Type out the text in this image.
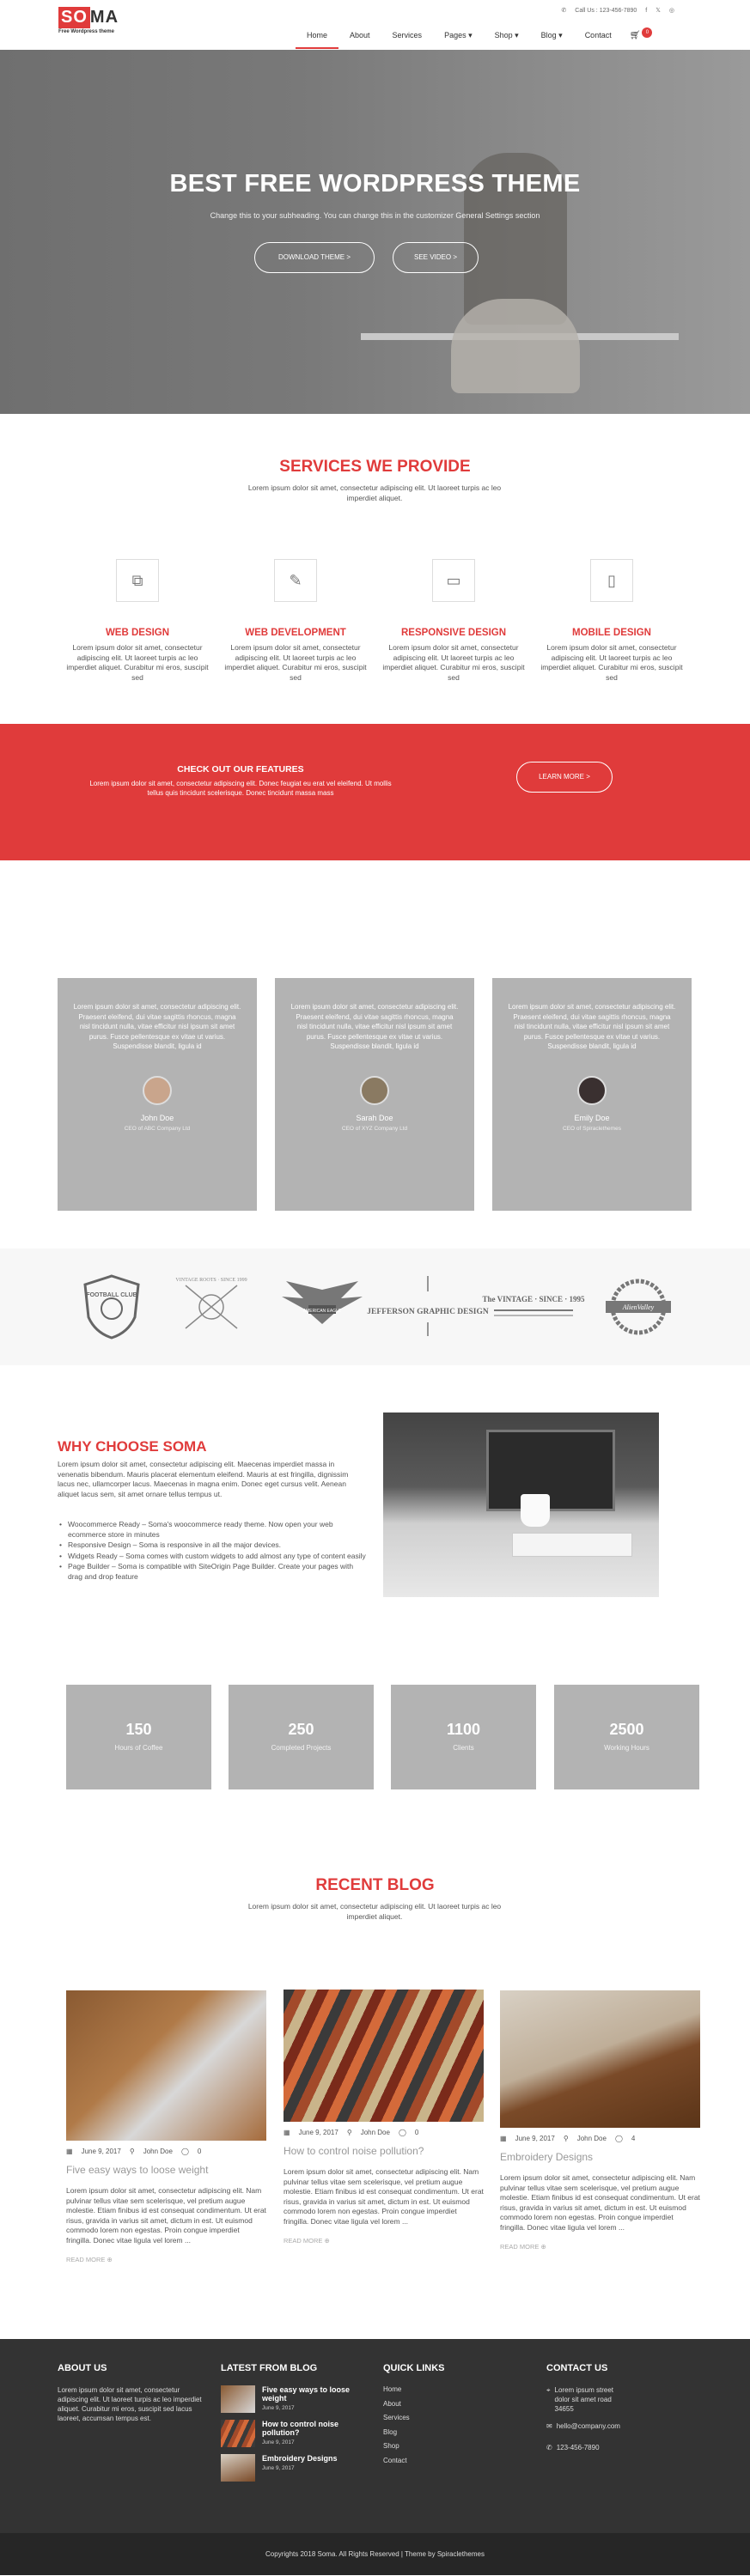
SO MA
Free Wordpress theme
✆ Call Us : 123-456-7890 f 𝕏 ◎
Home	About	Services	Pages ▾	Shop ▾	Blog ▾	Contact	🛒︎	0
BEST FREE WORDPRESS THEME
Change this to your subheading. You can change this in the customizer General Settings section
DOWNLOAD THEME >	SEE VIDEO >
SERVICES WE PROVIDE
Lorem ipsum dolor sit amet, consectetur adipiscing elit. Ut laoreet turpis ac leo imperdiet aliquet.
⧉
WEB DESIGN
Lorem ipsum dolor sit amet, consectetur adipiscing elit. Ut laoreet turpis ac leo imperdiet aliquet. Curabitur mi eros, suscipit sed
✎
WEB DEVELOPMENT
Lorem ipsum dolor sit amet, consectetur adipiscing elit. Ut laoreet turpis ac leo imperdiet aliquet. Curabitur mi eros, suscipit sed
▭
RESPONSIVE DESIGN
Lorem ipsum dolor sit amet, consectetur adipiscing elit. Ut laoreet turpis ac leo imperdiet aliquet. Curabitur mi eros, suscipit sed
▯
MOBILE DESIGN
Lorem ipsum dolor sit amet, consectetur adipiscing elit. Ut laoreet turpis ac leo imperdiet aliquet. Curabitur mi eros, suscipit sed
CHECK OUT OUR FEATURES
Lorem ipsum dolor sit amet, consectetur adipiscing elit. Donec feugiat eu erat vel eleifend. Ut mollis tellus quis tincidunt scelerisque. Donec tincidunt massa mass
LEARN MORE >
Lorem ipsum dolor sit amet, consectetur adipiscing elit. Praesent eleifend, dui vitae sagittis rhoncus, magna nisl tincidunt nulla, vitae efficitur nisl ipsum sit amet purus. Fusce pellentesque ex vitae ut varius. Suspendisse blandit, ligula id
John Doe
CEO of ABC Company Ltd
Lorem ipsum dolor sit amet, consectetur adipiscing elit. Praesent eleifend, dui vitae sagittis rhoncus, magna nisl tincidunt nulla, vitae efficitur nisl ipsum sit amet purus. Fusce pellentesque ex vitae ut varius. Suspendisse blandit, ligula id
Sarah Doe
CEO of XYZ Company Ltd
Lorem ipsum dolor sit amet, consectetur adipiscing elit. Praesent eleifend, dui vitae sagittis rhoncus, magna nisl tincidunt nulla, vitae efficitur nisl ipsum sit amet purus. Fusce pellentesque ex vitae ut varius. Suspendisse blandit, ligula id
Emily Doe
CEO of Spiraclethemes
FOOTBALL CLUB
VINTAGE ROOTS · SINCE 1999
AMERICAN EAGLE	JEFFERSON GRAPHIC DESIGN
The VINTAGE · SINCE · 1995
AlienValley
WHY CHOOSE SOMA
Lorem ipsum dolor sit amet, consectetur adipiscing elit. Maecenas imperdiet massa in venenatis bibendum. Mauris placerat elementum eleifend. Mauris at est fringilla, dignissim lacus nec, ullamcorper lacus. Maecenas in magna enim. Donec eget cursus velit. Aenean aliquet lacus sem, sit amet ornare tellus tempus ut.
• Woocommerce Ready – Soma's woocommerce ready theme. Now open your web ecommerce store in minutes
• Responsive Design – Soma is responsive in all the major devices.
• Widgets Ready – Soma comes with custom widgets to add almost any type of content easily
• Page Builder – Soma is compatible with SiteOrigin Page Builder. Create your pages with drag and drop feature
150
Hours of Coffee
250
Completed Projects
1100
Clients
2500
Working Hours
RECENT BLOG
Lorem ipsum dolor sit amet, consectetur adipiscing elit. Ut laoreet turpis ac leo imperdiet aliquet.
▦ June 9, 2017 ⚲ John Doe ◯ 0
Five easy ways to loose weight
Lorem ipsum dolor sit amet, consectetur adipiscing elit. Nam pulvinar tellus vitae sem scelerisque, vel pretium augue molestie. Etiam finibus id est consequat condimentum. Ut erat risus, gravida in varius sit amet, dictum in est. Ut euismod commodo lorem non egestas. Proin congue imperdiet fringilla. Donec vitae ligula vel lorem ...
READ MORE ⊕
▦ June 9, 2017 ⚲ John Doe ◯ 0
How to control noise pollution?
Lorem ipsum dolor sit amet, consectetur adipiscing elit. Nam pulvinar tellus vitae sem scelerisque, vel pretium augue molestie. Etiam finibus id est consequat condimentum. Ut erat risus, gravida in varius sit amet, dictum in est. Ut euismod commodo lorem non egestas. Proin congue imperdiet fringilla. Donec vitae ligula vel lorem ...
READ MORE ⊕
▦ June 9, 2017 ⚲ John Doe ◯ 4
Embroidery Designs
Lorem ipsum dolor sit amet, consectetur adipiscing elit. Nam pulvinar tellus vitae sem scelerisque, vel pretium augue molestie. Etiam finibus id est consequat condimentum. Ut erat risus, gravida in varius sit amet, dictum in est. Ut euismod commodo lorem non egestas. Proin congue imperdiet fringilla. Donec vitae ligula vel lorem ...
READ MORE ⊕
ABOUT US
Lorem ipsum dolor sit amet, consectetur adipiscing elit. Ut laoreet turpis ac leo imperdiet aliquet. Curabitur mi eros, suscipit sed lacus laoreet, accumsan tempus est.
LATEST FROM BLOG
Five easy ways to loose weight
June 9, 2017
How to control noise pollution?
June 9, 2017
Embroidery Designs
June 9, 2017
QUICK LINKS
Home
About
Services
Blog
Shop
Contact
CONTACT US
⌖ Lorem ipsum street dolor sit amet road 34655
✉ hello@company.com
✆ 123-456-7890
Copyrights 2018 Soma. All Rights Reserved | Theme by Spiraclethemes
